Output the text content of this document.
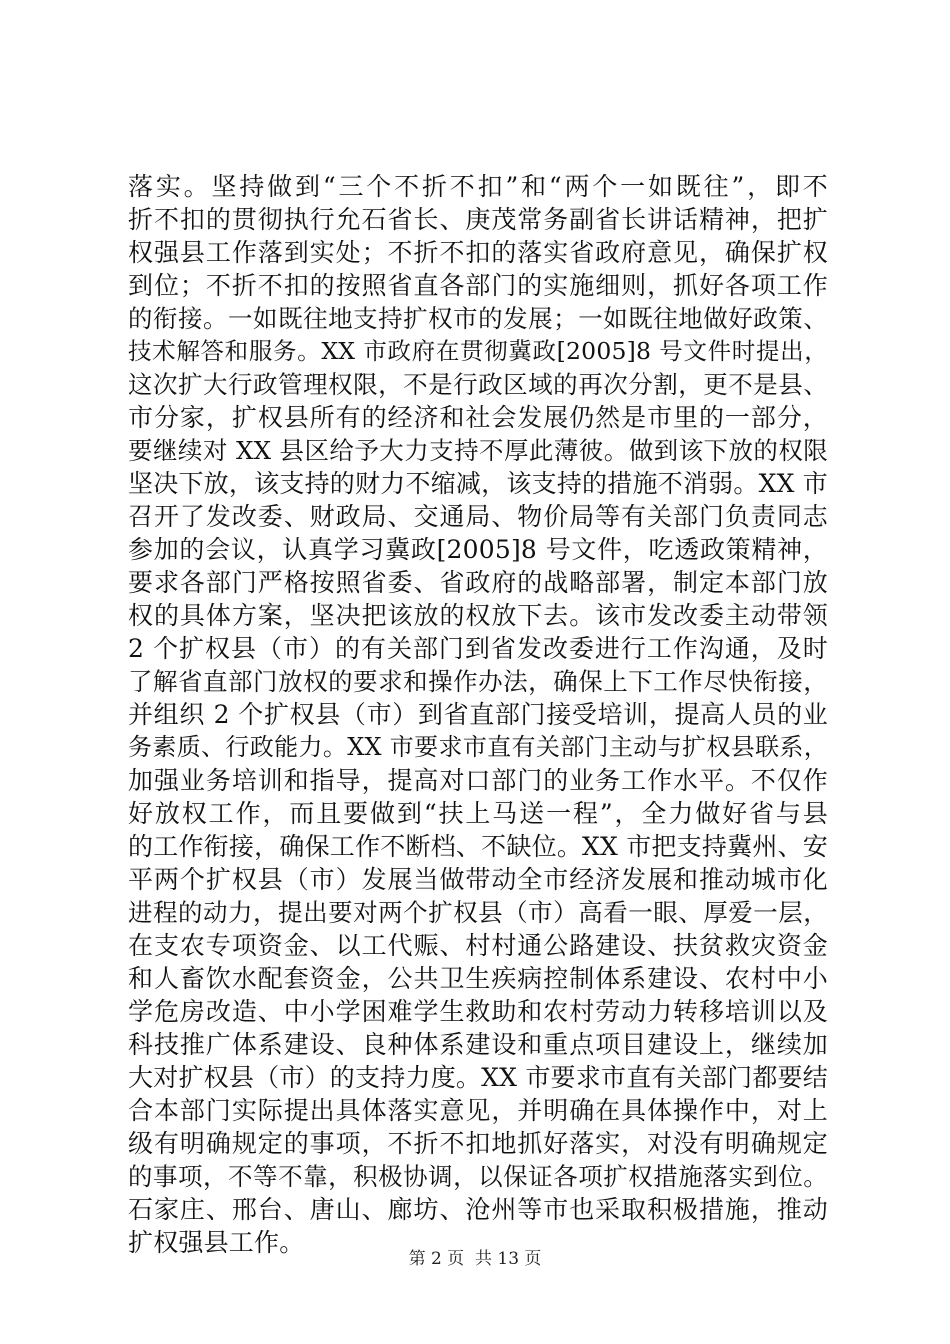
落实。坚持做到“三个不折不扣”和“两个一如既往”，即不
折不扣的贯彻执行允石省长、庚茂常务副省长讲话精神，把扩
权强县工作落到实处；不折不扣的落实省政府意见，确保扩权
到位；不折不扣的按照省直各部门的实施细则，抓好各项工作
的衔接。一如既往地支持扩权市的发展；一如既往地做好政策、
技术解答和服务。XX 市政府在贯彻冀政[2005]8 号文件时提出，
这次扩大行政管理权限，不是行政区域的再次分割，更不是县、
市分家，扩权县所有的经济和社会发展仍然是市里的一部分，
要继续对 XX 县区给予大力支持不厚此薄彼。做到该下放的权限
坚决下放，该支持的财力不缩减，该支持的措施不消弱。XX 市
召开了发改委、财政局、交通局、物价局等有关部门负责同志
参加的会议，认真学习冀政[2005]8 号文件，吃透政策精神，
要求各部门严格按照省委、省政府的战略部署，制定本部门放
权的具体方案，坚决把该放的权放下去。该市发改委主动带领
2 个扩权县（市）的有关部门到省发改委进行工作沟通，及时
了解省直部门放权的要求和操作办法，确保上下工作尽快衔接，
并组织 2 个扩权县（市）到省直部门接受培训，提高人员的业
务素质、行政能力。XX 市要求市直有关部门主动与扩权县联系，
加强业务培训和指导，提高对口部门的业务工作水平。不仅作
好放权工作，而且要做到“扶上马送一程”，全力做好省与县
的工作衔接，确保工作不断档、不缺位。XX 市把支持冀州、安
平两个扩权县（市）发展当做带动全市经济发展和推动城市化
进程的动力，提出要对两个扩权县（市）高看一眼、厚爱一层，
在支农专项资金、以工代赈、村村通公路建设、扶贫救灾资金
和人畜饮水配套资金，公共卫生疾病控制体系建设、农村中小
学危房改造、中小学困难学生救助和农村劳动力转移培训以及
科技推广体系建设、良种体系建设和重点项目建设上，继续加
大对扩权县（市）的支持力度。XX 市要求市直有关部门都要结
合本部门实际提出具体落实意见，并明确在具体操作中，对上
级有明确规定的事项，不折不扣地抓好落实，对没有明确规定
的事项，不等不靠，积极协调，以保证各项扩权措施落实到位。
石家庄、邢台、唐山、廊坊、沧州等市也采取积极措施，推动
扩权强县工作。
第 2 页  共 13 页
